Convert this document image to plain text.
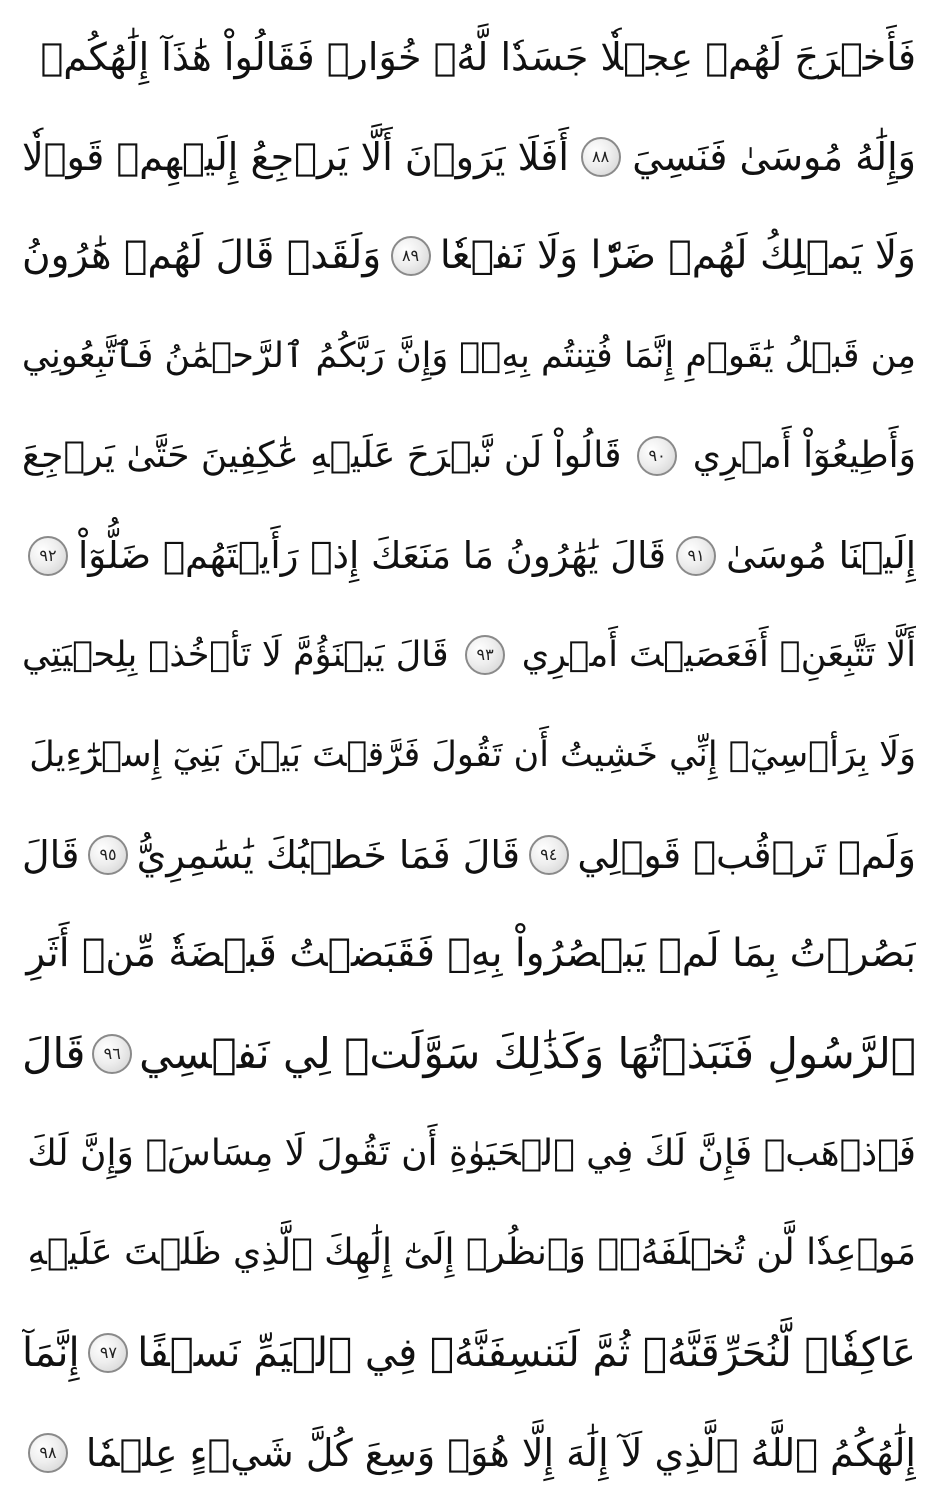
فَأَخۡرَجَ لَهُمۡ عِجۡلٗا جَسَدٗا لَّهُۥ خُوَارٞ فَقَالُواْ هَٰذَآ إِلَٰهُكُمۡ
وَإِلَٰهُ مُوسَىٰ فَنَسِيَ
٨٨
أَفَلَا يَرَوۡنَ أَلَّا يَرۡجِعُ إِلَيۡهِمۡ قَوۡلٗا
وَلَا يَمۡلِكُ لَهُمۡ ضَرّٗا وَلَا نَفۡعٗا
٨٩
وَلَقَدۡ قَالَ لَهُمۡ هَٰرُونُ
مِن قَبۡلُ يَٰقَوۡمِ إِنَّمَا فُتِنتُم بِهِۦۖ وَإِنَّ رَبَّكُمُ ٱلرَّحۡمَٰنُ فَٱتَّبِعُونِي
وَأَطِيعُوٓاْ أَمۡرِي
٩٠
قَالُواْ لَن نَّبۡرَحَ عَلَيۡهِ عَٰكِفِينَ حَتَّىٰ يَرۡجِعَ
إِلَيۡنَا مُوسَىٰ
٩١
قَالَ يَٰهَٰرُونُ مَا مَنَعَكَ إِذۡ رَأَيۡتَهُمۡ ضَلُّوٓاْ
٩٢
أَلَّا تَتَّبِعَنِۖ أَفَعَصَيۡتَ أَمۡرِي
٩٣
قَالَ يَبۡنَؤُمَّ لَا تَأۡخُذۡ بِلِحۡيَتِي
وَلَا بِرَأۡسِيٓۖ إِنِّي خَشِيتُ أَن تَقُولَ فَرَّقۡتَ بَيۡنَ بَنِيٓ إِسۡرَٰٓءِيلَ
وَلَمۡ تَرۡقُبۡ قَوۡلِي
٩٤
قَالَ فَمَا خَطۡبُكَ يَٰسَٰمِرِيُّ
٩٥
قَالَ
بَصُرۡتُ بِمَا لَمۡ يَبۡصُرُواْ بِهِۦ فَقَبَضۡتُ قَبۡضَةٗ مِّنۡ أَثَرِ
ٱلرَّسُولِ فَنَبَذۡتُهَا وَكَذَٰلِكَ سَوَّلَتۡ لِي نَفۡسِي
٩٦
قَالَ
فَٱذۡهَبۡ فَإِنَّ لَكَ فِي ٱلۡحَيَوٰةِ أَن تَقُولَ لَا مِسَاسَۖ وَإِنَّ لَكَ
مَوۡعِدٗا لَّن تُخۡلَفَهُۥۖ وَٱنظُرۡ إِلَىٰٓ إِلَٰهِكَ ٱلَّذِي ظَلۡتَ عَلَيۡهِ
عَاكِفٗاۖ لَّنُحَرِّقَنَّهُۥ ثُمَّ لَنَنسِفَنَّهُۥ فِي ٱلۡيَمِّ نَسۡفًا
٩٧
إِنَّمَآ
إِلَٰهُكُمُ ٱللَّهُ ٱلَّذِي لَآ إِلَٰهَ إِلَّا هُوَۚ وَسِعَ كُلَّ شَيۡءٍ عِلۡمٗا
٩٨
